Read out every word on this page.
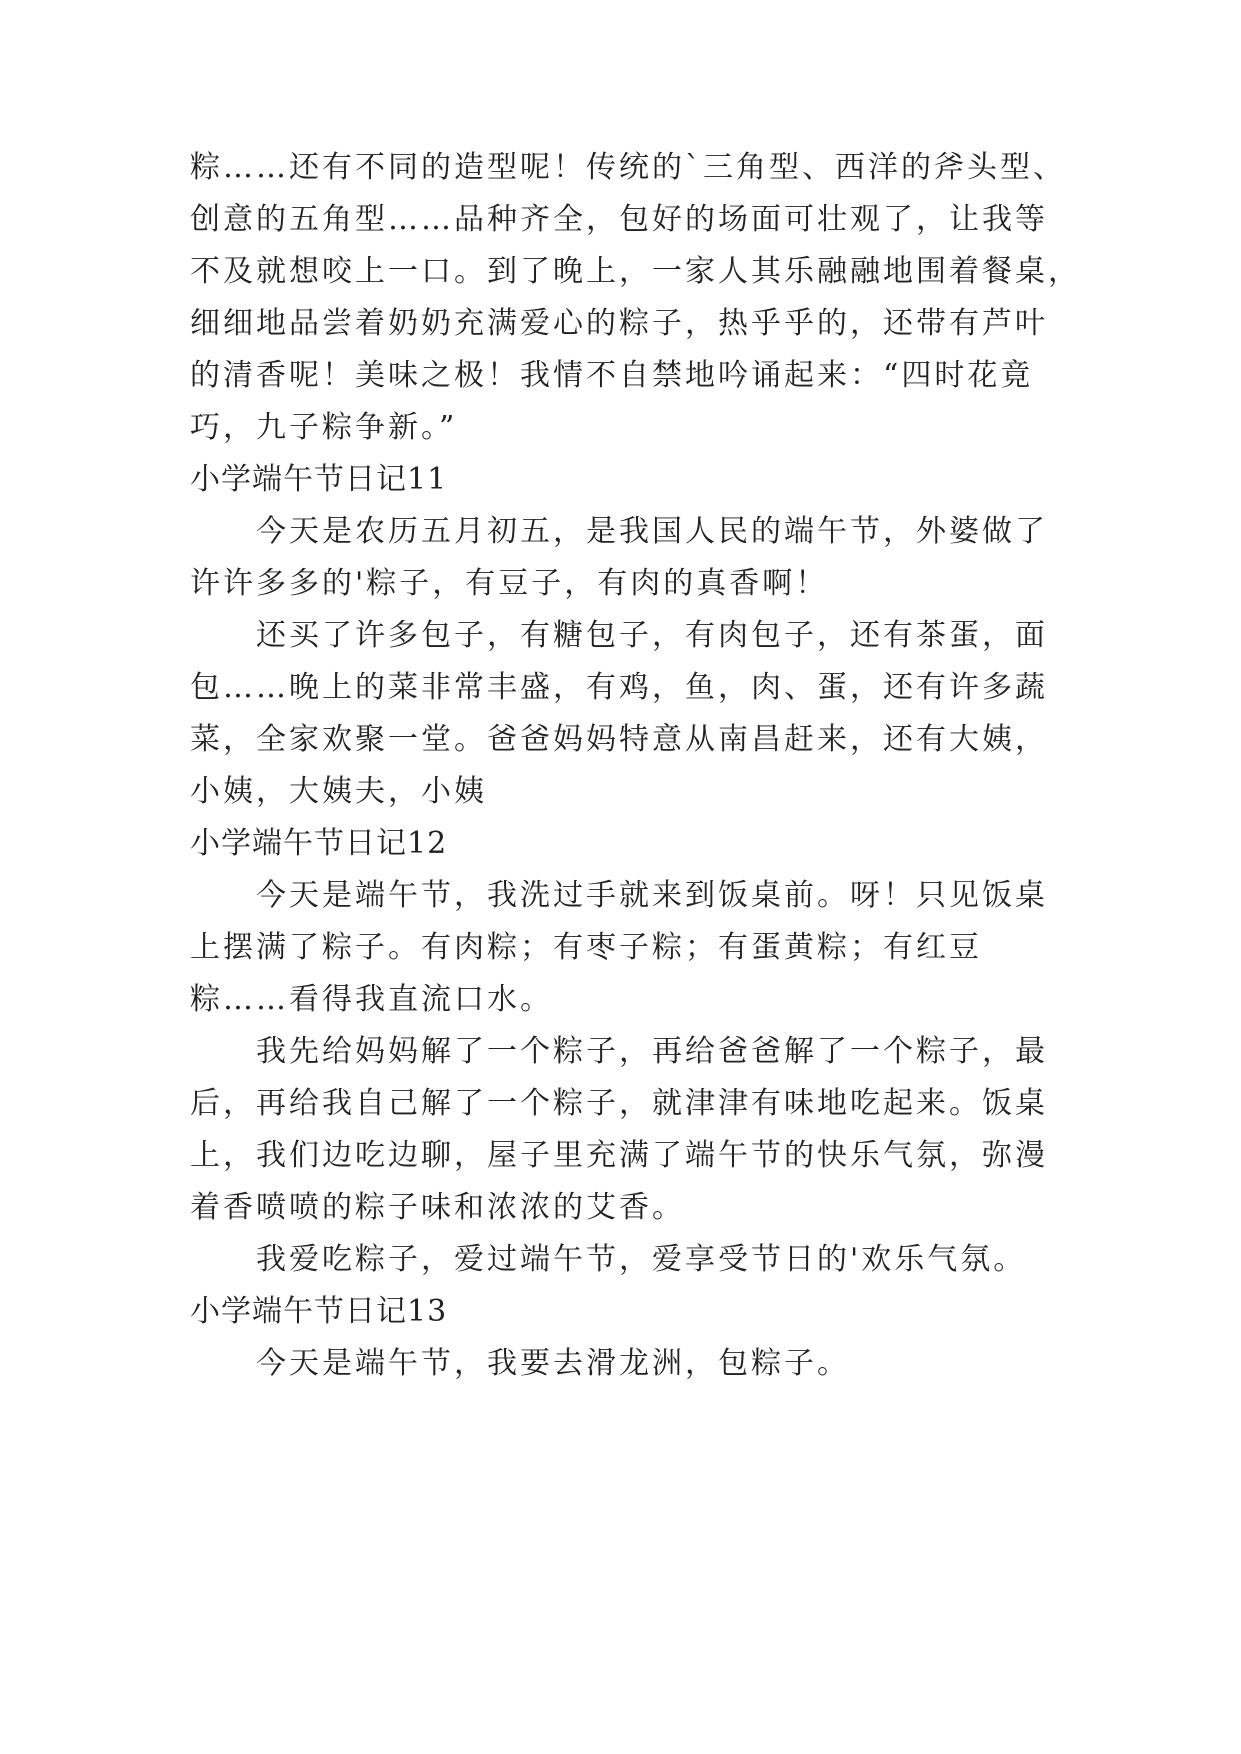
粽……还有不同的造型呢！传统的`三角型、西洋的斧头型、

创意的五角型……品种齐全，包好的场面可壮观了，让我等

不及就想咬上一口。到了晚上，一家人其乐融融地围着餐桌，

细细地品尝着奶奶充满爱心的粽子，热乎乎的，还带有芦叶

的清香呢！美味之极！我情不自禁地吟诵起来：“四时花竟

巧，九子粽争新。”

小学端午节日记11

今天是农历五月初五，是我国人民的端午节，外婆做了

许许多多的'粽子，有豆子，有肉的真香啊！

还买了许多包子，有糖包子，有肉包子，还有茶蛋，面

包……晚上的菜非常丰盛，有鸡，鱼，肉、蛋，还有许多蔬

菜，全家欢聚一堂。爸爸妈妈特意从南昌赶来，还有大姨，

小姨，大姨夫，小姨

小学端午节日记12

今天是端午节，我洗过手就来到饭桌前。呀！只见饭桌

上摆满了粽子。有肉粽；有枣子粽；有蛋黄粽；有红豆

粽……看得我直流口水。

我先给妈妈解了一个粽子，再给爸爸解了一个粽子，最

后，再给我自己解了一个粽子，就津津有味地吃起来。饭桌

上，我们边吃边聊，屋子里充满了端午节的快乐气氛，弥漫

着香喷喷的粽子味和浓浓的艾香。

我爱吃粽子，爱过端午节，爱享受节日的'欢乐气氛。

小学端午节日记13

今天是端午节，我要去滑龙洲，包粽子。
